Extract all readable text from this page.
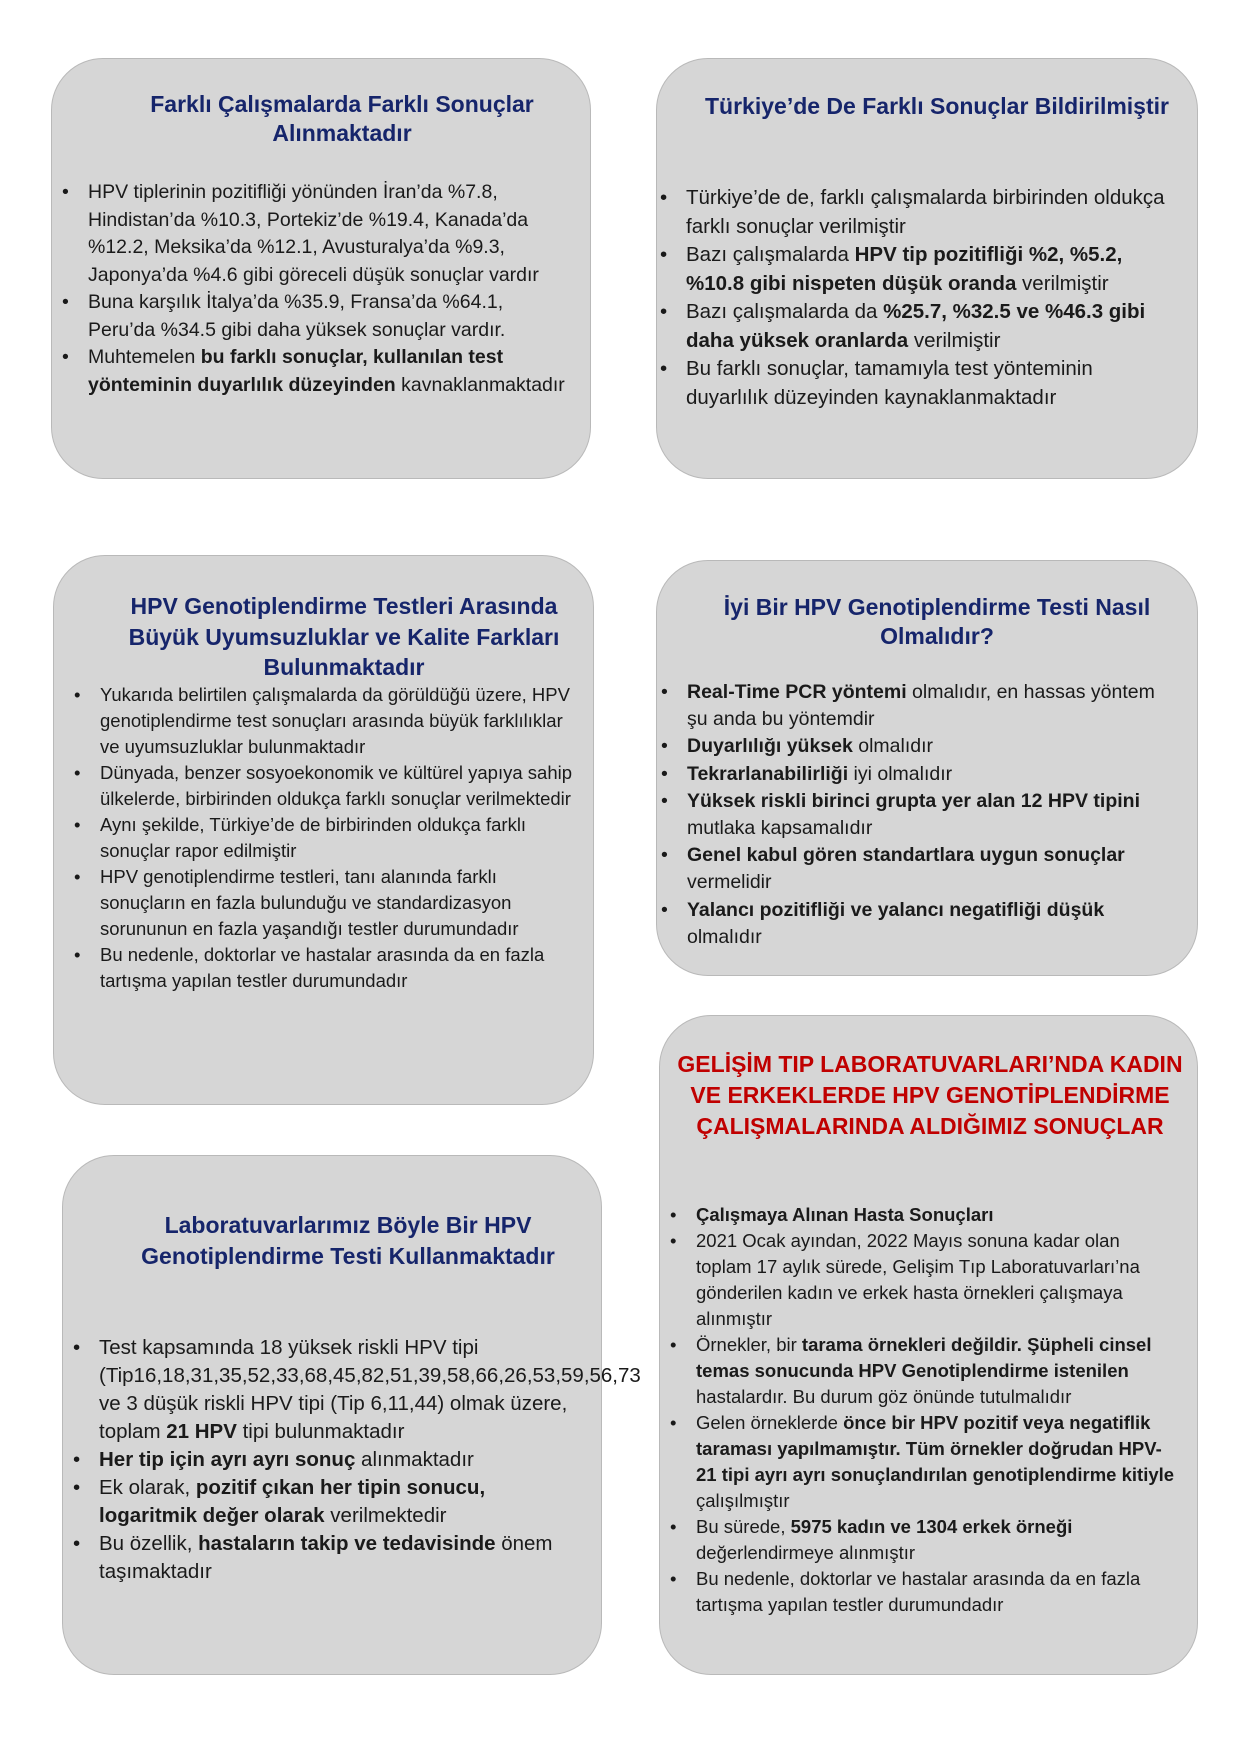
Farklı Çalışmalarda Farklı Sonuçlar Alınmaktadır
• HPV tiplerinin pozitifliği yönünden İran’da %7.8, Hindistan’da %10.3, Portekiz’de %19.4, Kanada’da %12.2, Meksika’da %12.1, Avusturalya’da %9.3, Japonya’da %4.6 gibi göreceli düşük sonuçlar vardır
• Buna karşılık İtalya’da %35.9, Fransa’da %64.1, Peru’da %34.5 gibi daha yüksek sonuçlar vardır.
• Muhtemelen bu farklı sonuçlar, kullanılan test yönteminin duyarlılık düzeyinden kavnaklanmaktadır
Türkiye’de De Farklı Sonuçlar Bildirilmiştir
• Türkiye’de de, farklı çalışmalarda birbirinden oldukça farklı sonuçlar verilmiştir
• Bazı çalışmalarda HPV tip pozitifliği %2, %5.2, %10.8 gibi nispeten düşük oranda verilmiştir
• Bazı çalışmalarda da %25.7, %32.5 ve %46.3 gibi daha yüksek oranlarda verilmiştir
• Bu farklı sonuçlar, tamamıyla test yönteminin duyarlılık düzeyinden kaynaklanmaktadır
HPV Genotiplendirme Testleri Arasında Büyük Uyumsuzluklar ve Kalite Farkları Bulunmaktadır
• Yukarıda belirtilen çalışmalarda da görüldüğü üzere, HPV genotiplendirme test sonuçları arasında büyük farklılıklar ve uyumsuzluklar bulunmaktadır
• Dünyada, benzer sosyoekonomik ve kültürel yapıya sahip ülkelerde, birbirinden oldukça farklı sonuçlar verilmektedir
• Aynı şekilde, Türkiye’de de birbirinden oldukça farklı sonuçlar rapor edilmiştir
• HPV genotiplendirme testleri, tanı alanında farklı sonuçların en fazla bulunduğu ve standardizasyon sorununun en fazla yaşandığı testler durumundadır
• Bu nedenle, doktorlar ve hastalar arasında da en fazla tartışma yapılan testler durumundadır
İyi Bir HPV Genotiplendirme Testi Nasıl Olmalıdır?
• Real-Time PCR yöntemi olmalıdır, en hassas yöntem şu anda bu yöntemdir
• Duyarlılığı yüksek olmalıdır
• Tekrarlanabilirliği iyi olmalıdır
• Yüksek riskli birinci grupta yer alan 12 HPV tipini mutlaka kapsamalıdır
• Genel kabul gören standartlara uygun sonuçlar vermelidir
• Yalancı pozitifliği ve yalancı negatifliği düşük olmalıdır
Laboratuvarlarımız Böyle Bir HPV Genotiplendirme Testi Kullanmaktadır
• Test kapsamında 18 yüksek riskli HPV tipi (Tip16,18,31,35,52,33,68,45,82,51,39,58,66,26,53,59,56,73 ve 3 düşük riskli HPV tipi (Tip 6,11,44) olmak üzere, toplam 21 HPV tipi bulunmaktadır
• Her tip için ayrı ayrı sonuç alınmaktadır
• Ek olarak, pozitif çıkan her tipin sonucu, logaritmik değer olarak verilmektedir
• Bu özellik, hastaların takip ve tedavisinde önem taşımaktadır
GELİŞİM TIP LABORATUVARLARI’NDA KADIN VE ERKEKLERDE HPV GENOTİPLENDİRME ÇALIŞMALARINDA ALDIĞIMIZ SONUÇLAR
• Çalışmaya Alınan Hasta Sonuçları
• 2021 Ocak ayından, 2022 Mayıs sonuna kadar olan toplam 17 aylık sürede, Gelişim Tıp Laboratuvarları’na gönderilen kadın ve erkek hasta örnekleri çalışmaya alınmıştır
• Örnekler, bir tarama örnekleri değildir. Şüpheli cinsel temas sonucunda HPV Genotiplendirme istenilen hastalardır. Bu durum göz önünde tutulmalıdır
• Gelen örneklerde önce bir HPV pozitif veya negatiflik taraması yapılmamıştır. Tüm örnekler doğrudan HPV-21 tipi ayrı ayrı sonuçlandırılan genotiplendirme kitiyle çalışılmıştır
• Bu sürede, 5975 kadın ve 1304 erkek örneği değerlendirmeye alınmıştır
• Bu nedenle, doktorlar ve hastalar arasında da en fazla tartışma yapılan testler durumundadır
